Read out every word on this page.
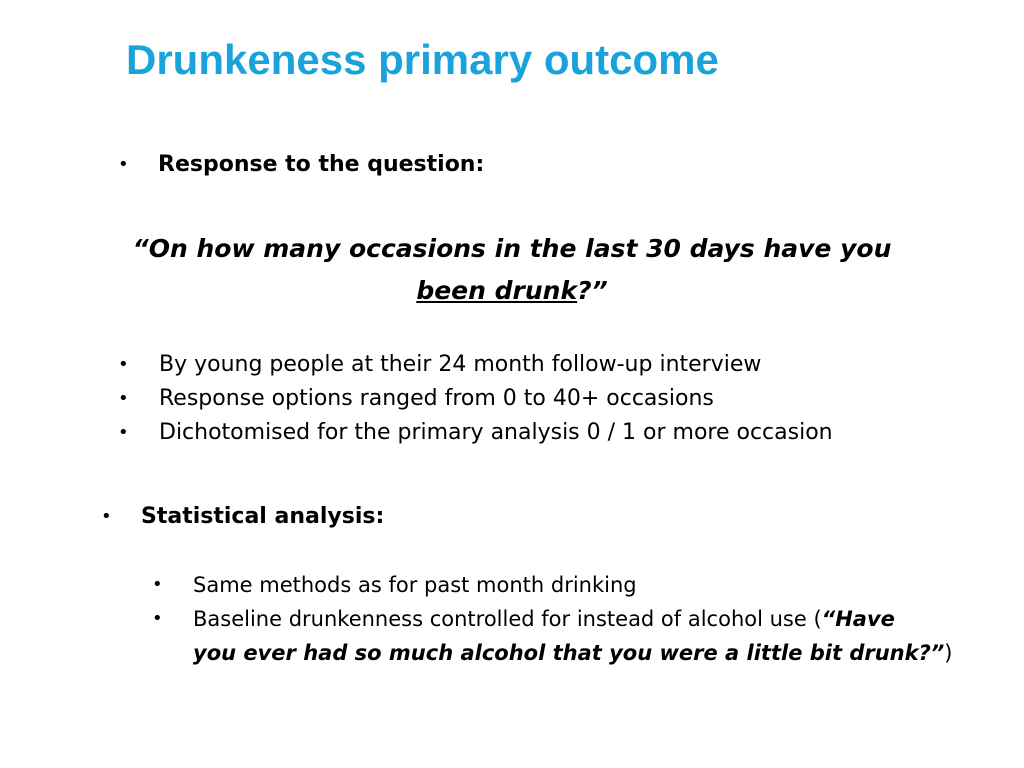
Drunkeness primary outcome
• Response to the question:
“On how many occasions in the last 30 days have you
been drunk?”
• By young people at their 24 month follow-up interview
• Response options ranged from 0 to 40+ occasions
• Dichotomised for the primary analysis 0 / 1 or more occasion
• Statistical analysis:
• Same methods as for past month drinking
• Baseline drunkenness controlled for instead of alcohol use (“Have
you ever had so much alcohol that you were a little bit drunk?”)
